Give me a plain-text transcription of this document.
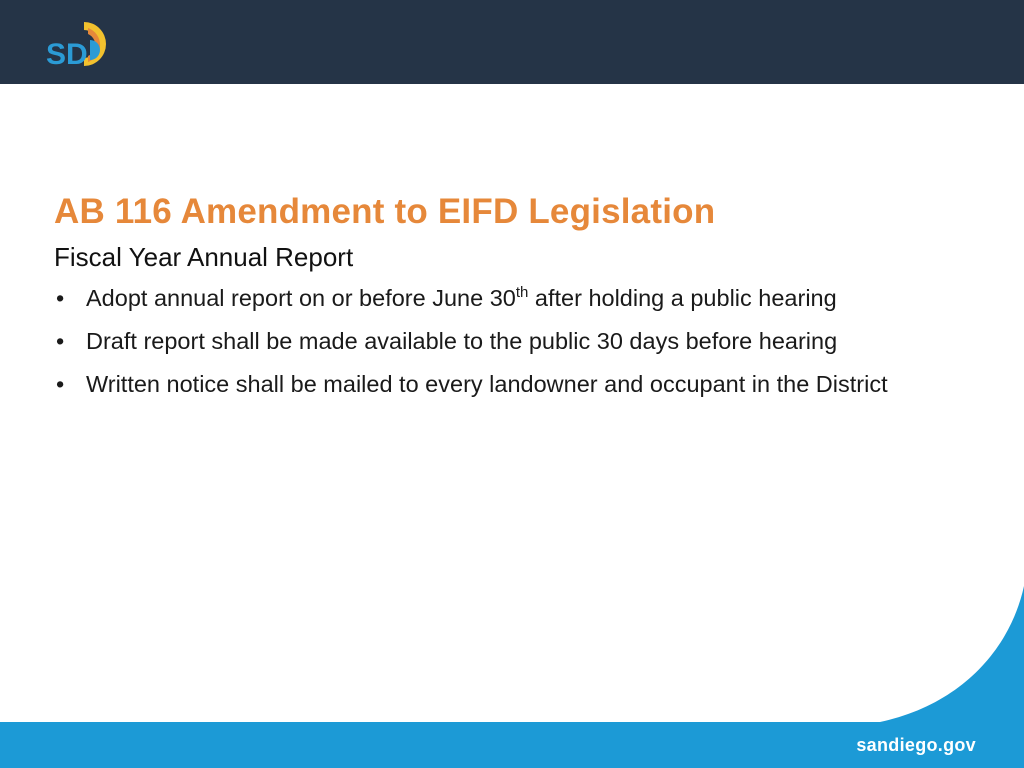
SD
AB 116 Amendment to EIFD Legislation
Fiscal Year Annual Report
• Adopt annual report on or before June 30th after holding a public hearing
• Draft report shall be made available to the public 30 days before hearing
• Written notice shall be mailed to every landowner and occupant in the District
sandiego.gov
